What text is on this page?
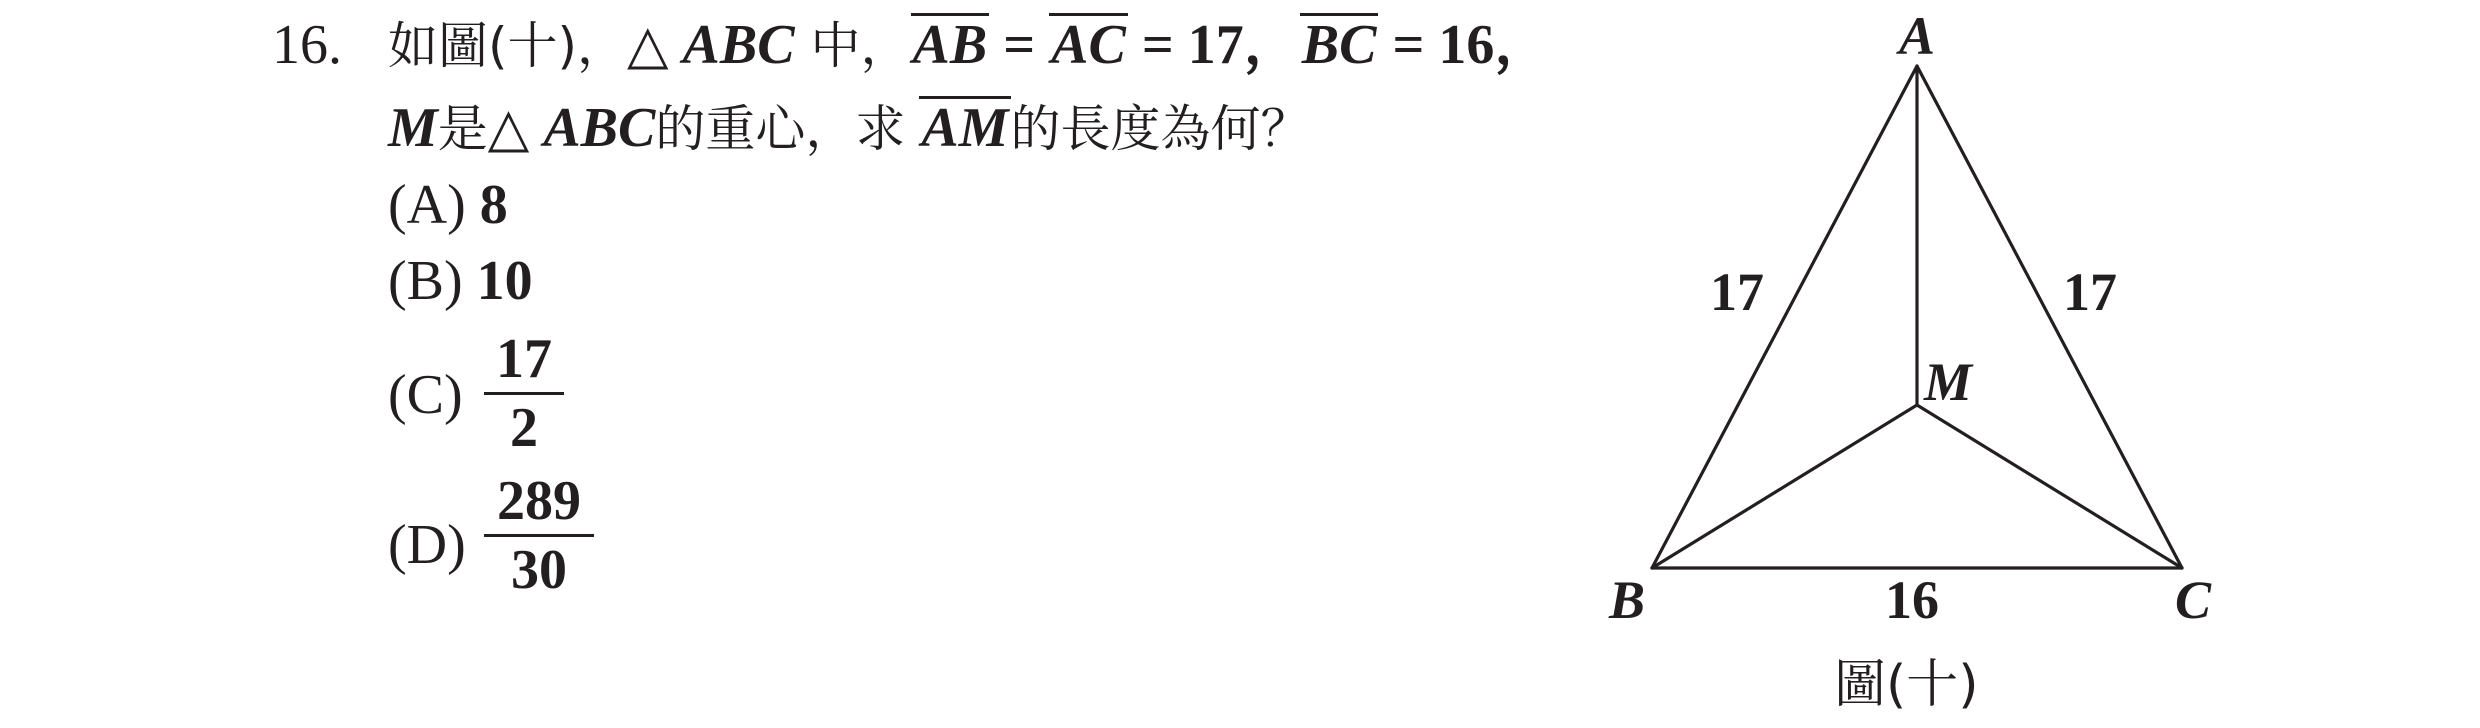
16. 如圖(十)，△ ABC 中，AB = AC = 17，BC = 16，
M是△ ABC的重心，求 AM的長度為何？
(A) 8
(B) 10
$(C) \frac{17}{2}$
$(D) \frac{289}{30}$
A
B	C
M
17	17
16
圖(十)
